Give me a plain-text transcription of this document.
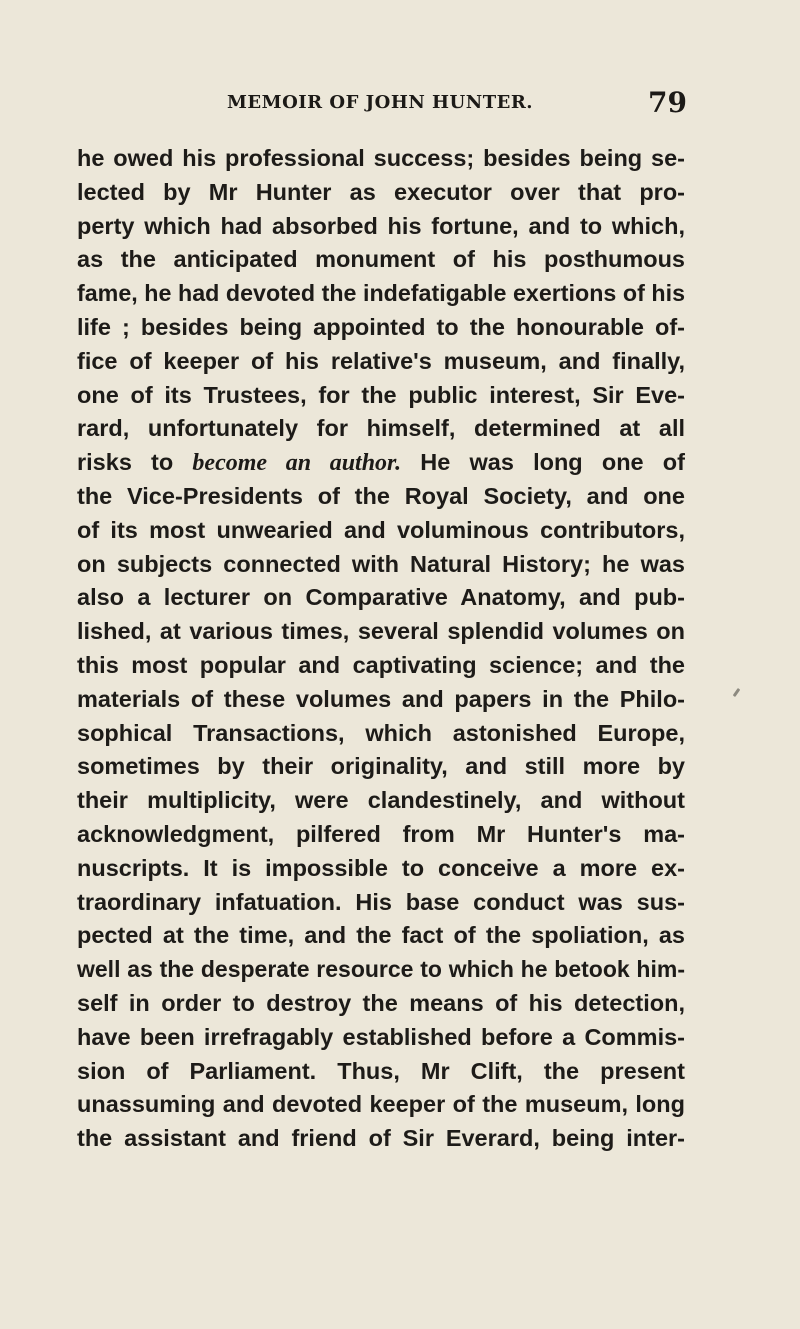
MEMOIR OF JOHN HUNTER.	79
he owed his professional success; besides being se-
lected by Mr Hunter as executor over that pro-
perty which had absorbed his fortune, and to which,
as the anticipated monument of his posthumous
fame, he had devoted the indefatigable exertions of his
life ; besides being appointed to the honourable of-
fice of keeper of his relative's museum, and finally,
one of its Trustees, for the public interest, Sir Eve-
rard, unfortunately for himself, determined at all
risks to become an author. He was long one of
the Vice-Presidents of the Royal Society, and one
of its most unwearied and voluminous contributors,
on subjects connected with Natural History; he was
also a lecturer on Comparative Anatomy, and pub-
lished, at various times, several splendid volumes on
this most popular and captivating science; and the
materials of these volumes and papers in the Philo-
sophical Transactions, which astonished Europe,
sometimes by their originality, and still more by
their multiplicity, were clandestinely, and without
acknowledgment, pilfered from Mr Hunter's ma-
nuscripts. It is impossible to conceive a more ex-
traordinary infatuation. His base conduct was sus-
pected at the time, and the fact of the spoliation, as
well as the desperate resource to which he betook him-
self in order to destroy the means of his detection,
have been irrefragably established before a Commis-
sion of Parliament. Thus, Mr Clift, the present
unassuming and devoted keeper of the museum, long
the assistant and friend of Sir Everard, being inter-
